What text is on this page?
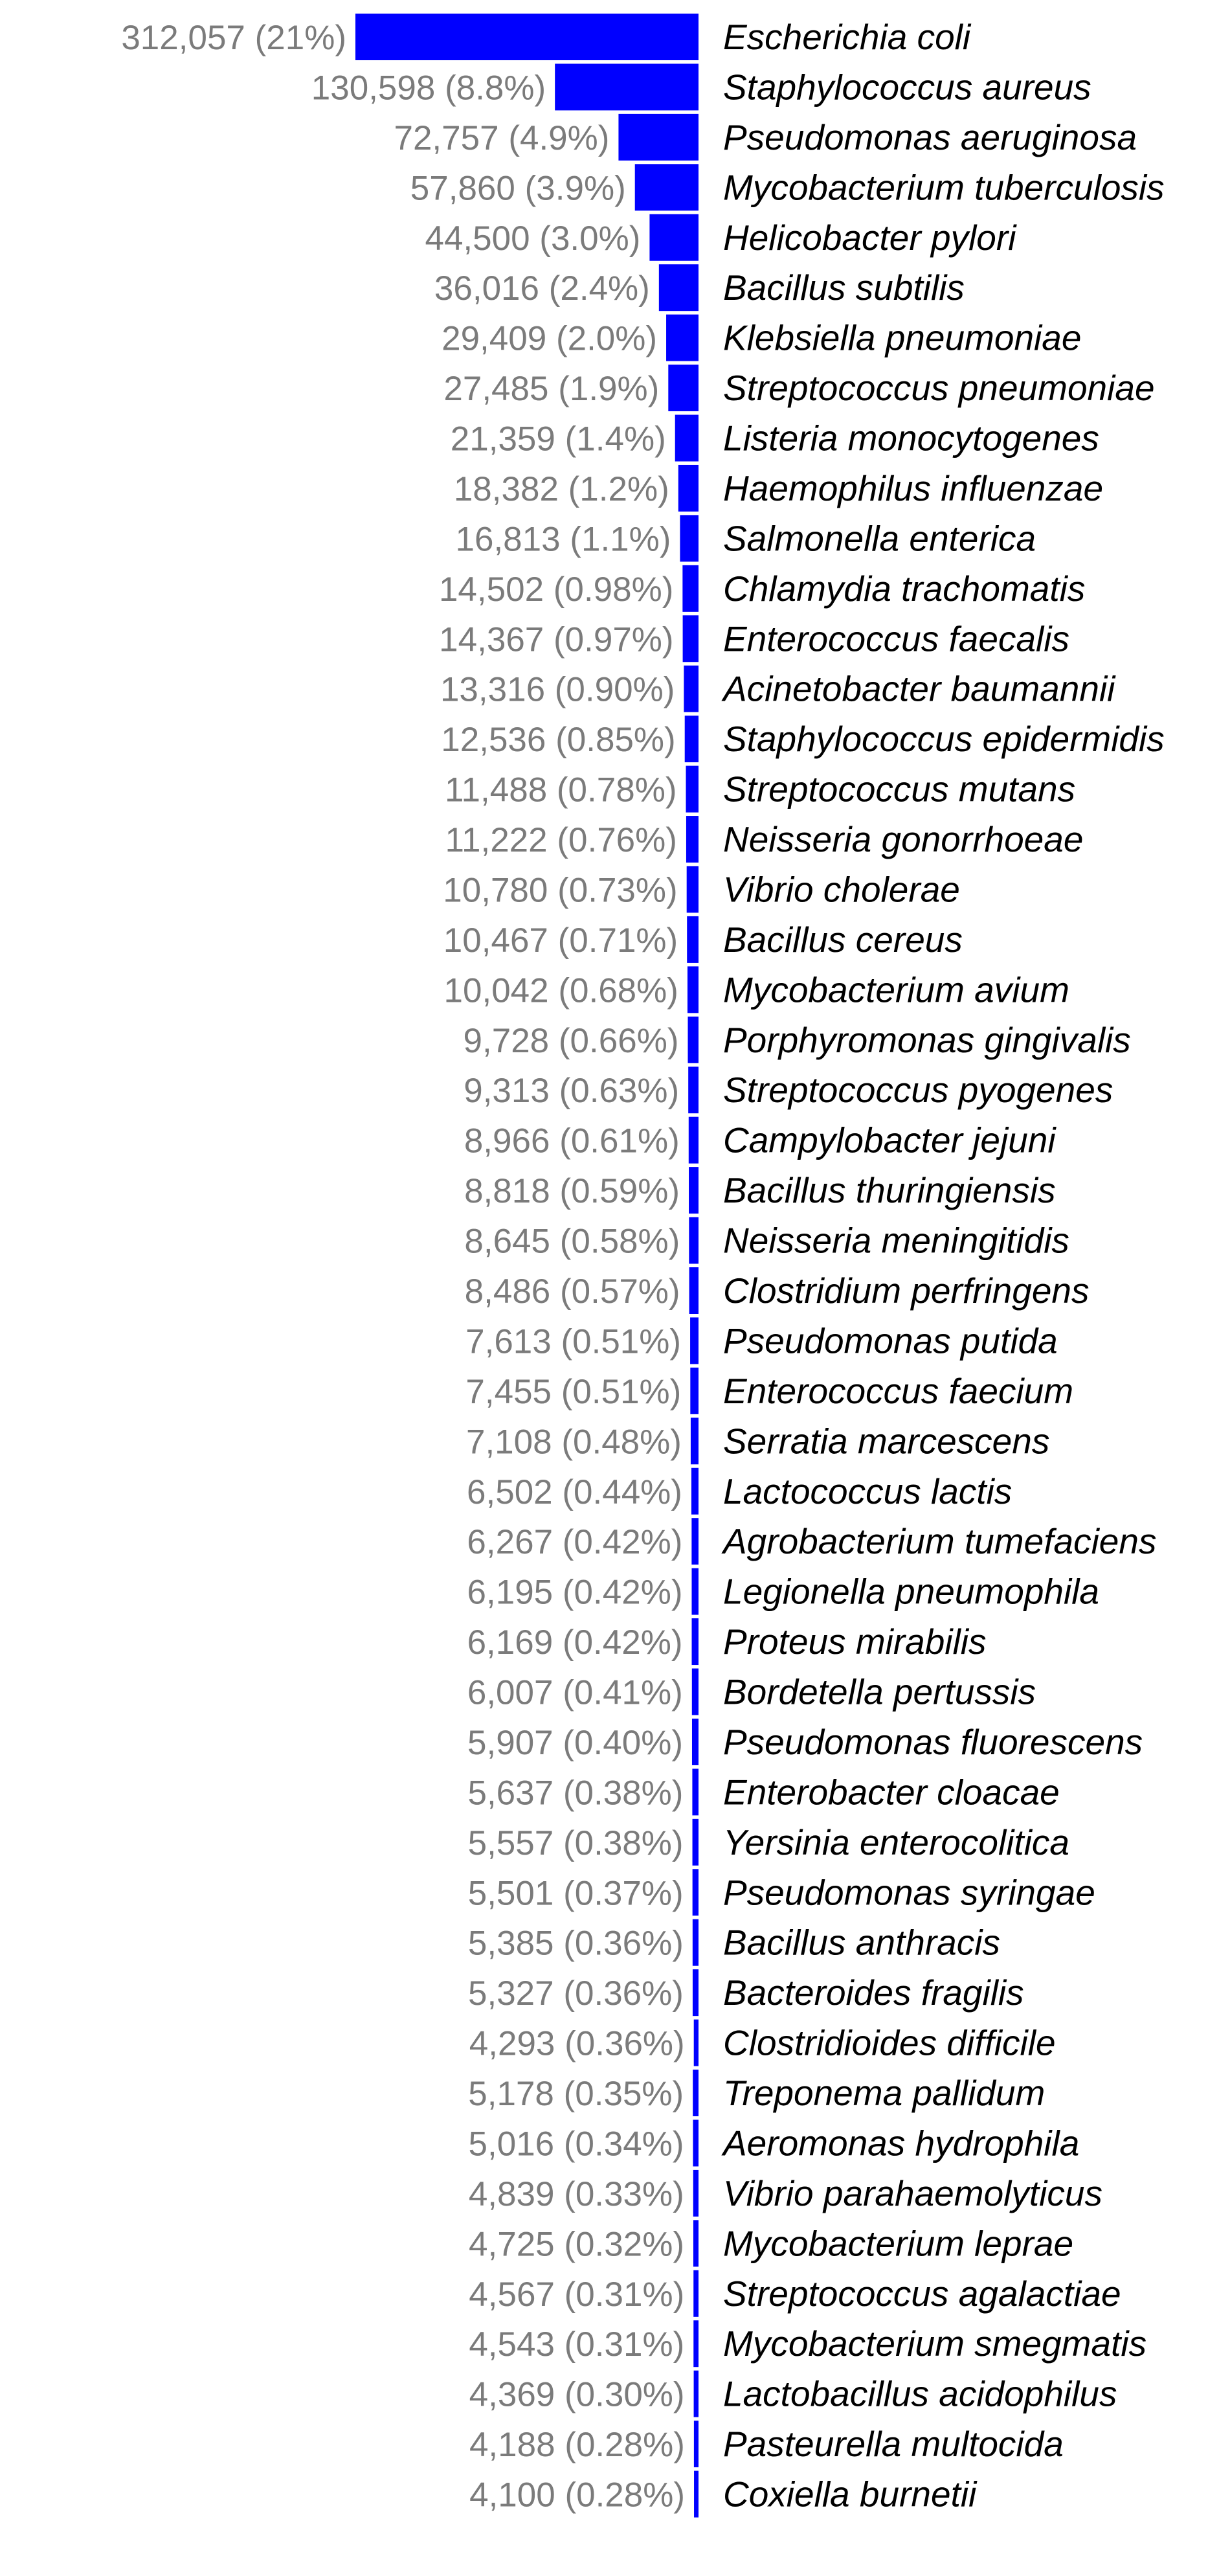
312,057 (21%)
130,598 (8.8%)
72,757 (4.9%)
57,860 (3.9%)
44,500 (3.0%)
36,016 (2.4%)
29,409 (2.0%)
27,485 (1.9%)
21,359 (1.4%)
18,382 (1.2%)
16,813 (1.1%)
14,502 (0.98%)
14,367 (0.97%)
13,316 (0.90%)
12,536 (0.85%)
11,488 (0.78%)
11,222 (0.76%)
10,780 (0.73%)
10,467 (0.71%)
10,042 (0.68%)
9,728 (0.66%)
9,313 (0.63%)
8,966 (0.61%)
8,818 (0.59%)
8,645 (0.58%)
8,486 (0.57%)
7,613 (0.51%)
7,455 (0.51%)
7,108 (0.48%)
6,502 (0.44%)
6,267 (0.42%)
6,195 (0.42%)
6,169 (0.42%)
6,007 (0.41%)
5,907 (0.40%)
5,637 (0.38%)
5,557 (0.38%)
5,501 (0.37%)
5,385 (0.36%)
5,327 (0.36%)
4,293 (0.36%)
5,178 (0.35%)
5,016 (0.34%)
4,839 (0.33%)
4,725 (0.32%)
4,567 (0.31%)
4,543 (0.31%)
4,369 (0.30%)
4,188 (0.28%)
4,100 (0.28%)
Escherichia coli
Staphylococcus aureus
Pseudomonas aeruginosa
Mycobacterium tuberculosis
Helicobacter pylori
Bacillus subtilis
Klebsiella pneumoniae
Streptococcus pneumoniae
Listeria monocytogenes
Haemophilus influenzae
Salmonella enterica
Chlamydia trachomatis
Enterococcus faecalis
Acinetobacter baumannii
Staphylococcus epidermidis
Streptococcus mutans
Neisseria gonorrhoeae
Vibrio cholerae
Bacillus cereus
Mycobacterium avium
Porphyromonas gingivalis
Streptococcus pyogenes
Campylobacter jejuni
Bacillus thuringiensis
Neisseria meningitidis
Clostridium perfringens
Pseudomonas putida
Enterococcus faecium
Serratia marcescens
Lactococcus lactis
Agrobacterium tumefaciens
Legionella pneumophila
Proteus mirabilis
Bordetella pertussis
Pseudomonas fluorescens
Enterobacter cloacae
Yersinia enterocolitica
Pseudomonas syringae
Bacillus anthracis
Bacteroides fragilis
Clostridioides difficile
Treponema pallidum
Aeromonas hydrophila
Vibrio parahaemolyticus
Mycobacterium leprae
Streptococcus agalactiae
Mycobacterium smegmatis
Lactobacillus acidophilus
Pasteurella multocida
Coxiella burnetii
